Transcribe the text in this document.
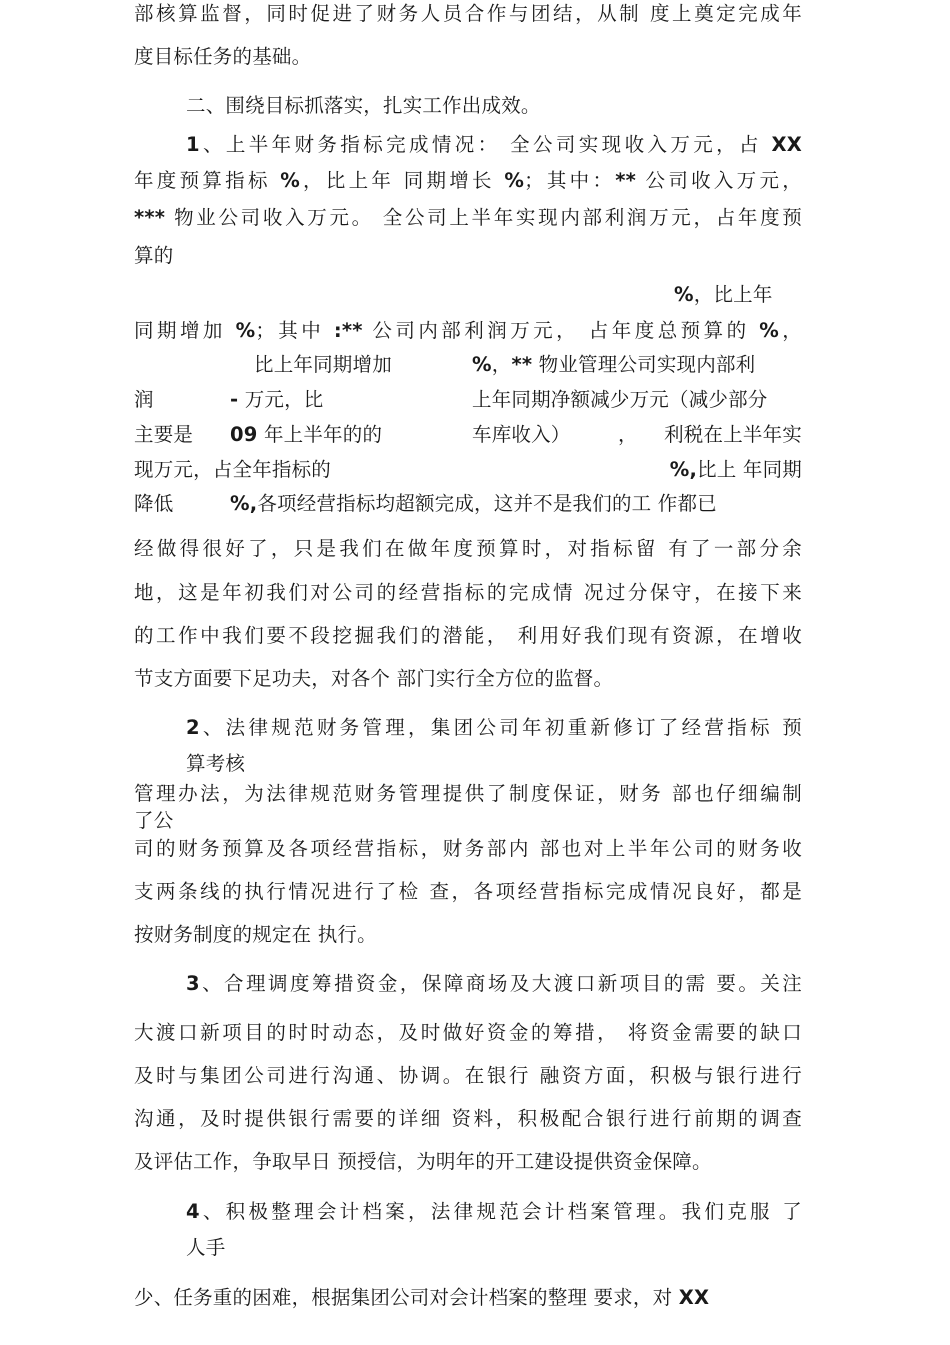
部核算监督，同时促进了财务人员合作与团结，从制 度上奠定完成年
度目标任务的基础。
二、围绕目标抓落实，扎实工作出成效。
1、上半年财务指标完成情况： 全公司实现收入万元，占 XX
年度预算指标 %，比上年 同期增长 %；其中：** 公司收入万元，
*** 物业公司收入万元。 全公司上半年实现内部利润万元，占年度预
算的
%，比上年
同期增加 %；其中 :** 公司内部利润万元， 占年度总预算的 %，
比上年同期增加	%，** 物业管理公司实现内部利
润	- 万元，比	上年同期净额减少万元（减少部分
主要是	09 年上半年的的	车库收入）	，	利税在上半年实
现万元，占全年指标的	%,比上 年同期
降低	%,各项经营指标均超额完成，这并不是我们的工 作都已
经做得很好了，只是我们在做年度预算时，对指标留 有了一部分余
地，这是年初我们对公司的经营指标的完成情 况过分保守，在接下来
的工作中我们要不段挖掘我们的潜能， 利用好我们现有资源，在增收
节支方面要下足功夫，对各个 部门实行全方位的监督。
2、法律规范财务管理，集团公司年初重新修订了经营指标 预
算考核
管理办法，为法律规范财务管理提供了制度保证，财务 部也仔细编制
了公
司的财务预算及各项经营指标，财务部内 部也对上半年公司的财务收
支两条线的执行情况进行了检 查，各项经营指标完成情况良好，都是
按财务制度的规定在 执行。
3、合理调度筹措资金，保障商场及大渡口新项目的需 要。关注
大渡口新项目的时时动态，及时做好资金的筹措， 将资金需要的缺口
及时与集团公司进行沟通、协调。在银行 融资方面，积极与银行进行
沟通，及时提供银行需要的详细 资料，积极配合银行进行前期的调查
及评估工作，争取早日 预授信，为明年的开工建设提供资金保障。
4、积极整理会计档案，法律规范会计档案管理。我们克服 了
人手
少、任务重的困难，根据集团公司对会计档案的整理 要求，对 XX
